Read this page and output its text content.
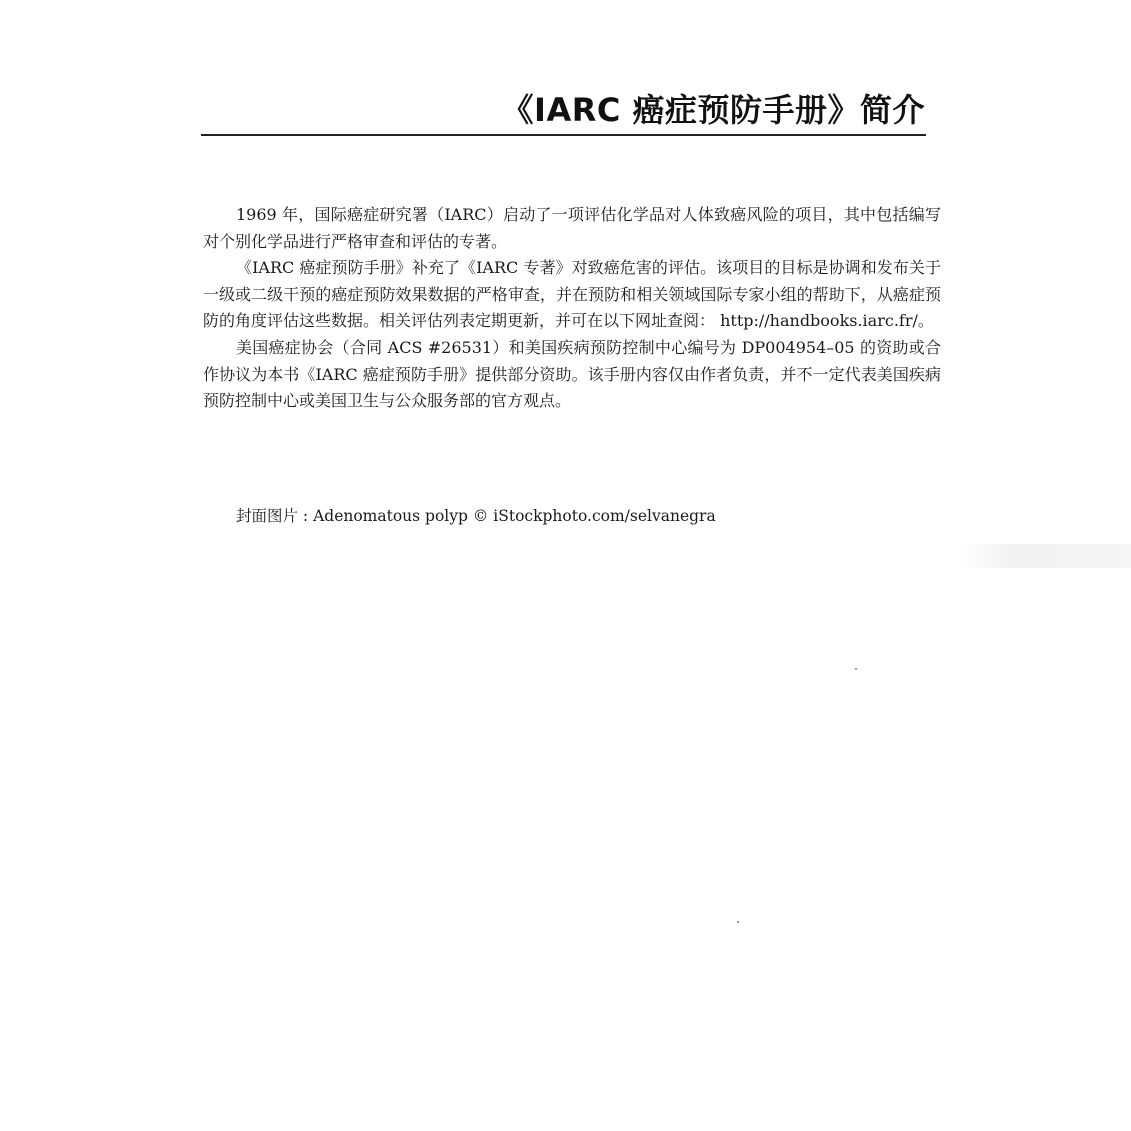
《IARC 癌症预防手册》简介

1969 年，国际癌症研究署（IARC）启动了一项评估化学品对人体致癌风险的项目，其中包括编写对个别化学品进行严格审查和评估的专著。

《IARC 癌症预防手册》补充了《IARC 专著》对致癌危害的评估。该项目的目标是协调和发布关于一级或二级干预的癌症预防效果数据的严格审查，并在预防和相关领域国际专家小组的帮助下，从癌症预防的角度评估这些数据。相关评估列表定期更新，并可在以下网址查阅： http://handbooks.iarc.fr/。

美国癌症协会（合同 ACS #26531）和美国疾病预防控制中心编号为 DP004954–05 的资助或合作协议为本书《IARC 癌症预防手册》提供部分资助。该手册内容仅由作者负责，并不一定代表美国疾病预防控制中心或美国卫生与公众服务部的官方观点。

封面图片 : Adenomatous polyp © iStockphoto.com/selvanegra
